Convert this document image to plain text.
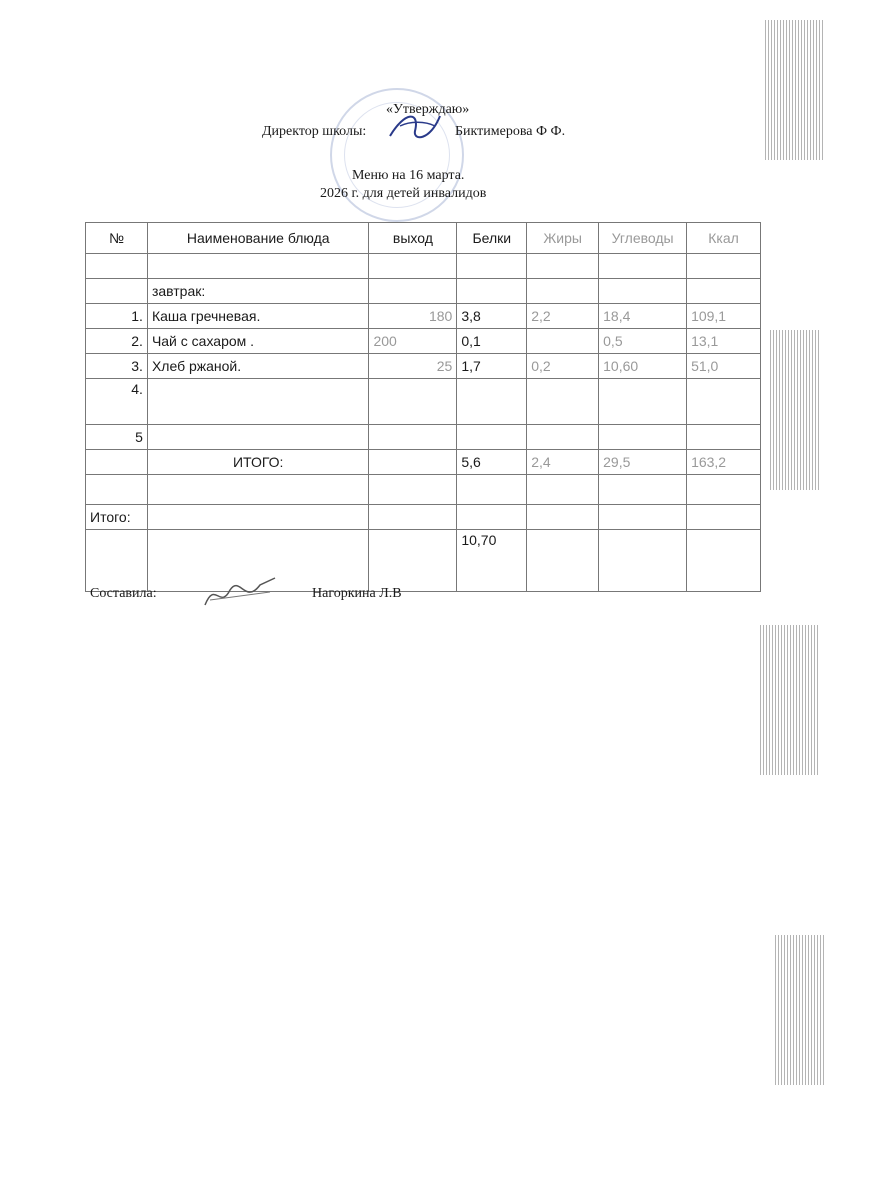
«Утверждаю»
Директор школы:	Биктимерова Ф Ф.
Меню на 16 марта.
2026 г. для детей инвалидов
№	Наименование блюда	выход	Белки	Жиры	Углеводы	Ккал

	завтрак:					
1.	Каша гречневая.	180	3,8	2,2	18,4	109,1
2.	Чай с сахаром .	200	0,1		0,5	13,1
3.	Хлеб ржаной.	25	1,7	0,2	10,60	51,0
4.						
5						
	ИТОГО:		5,6	2,4	29,5	163,2

Итого:						
			10,70			
Составила:	Нагоркина Л.В
